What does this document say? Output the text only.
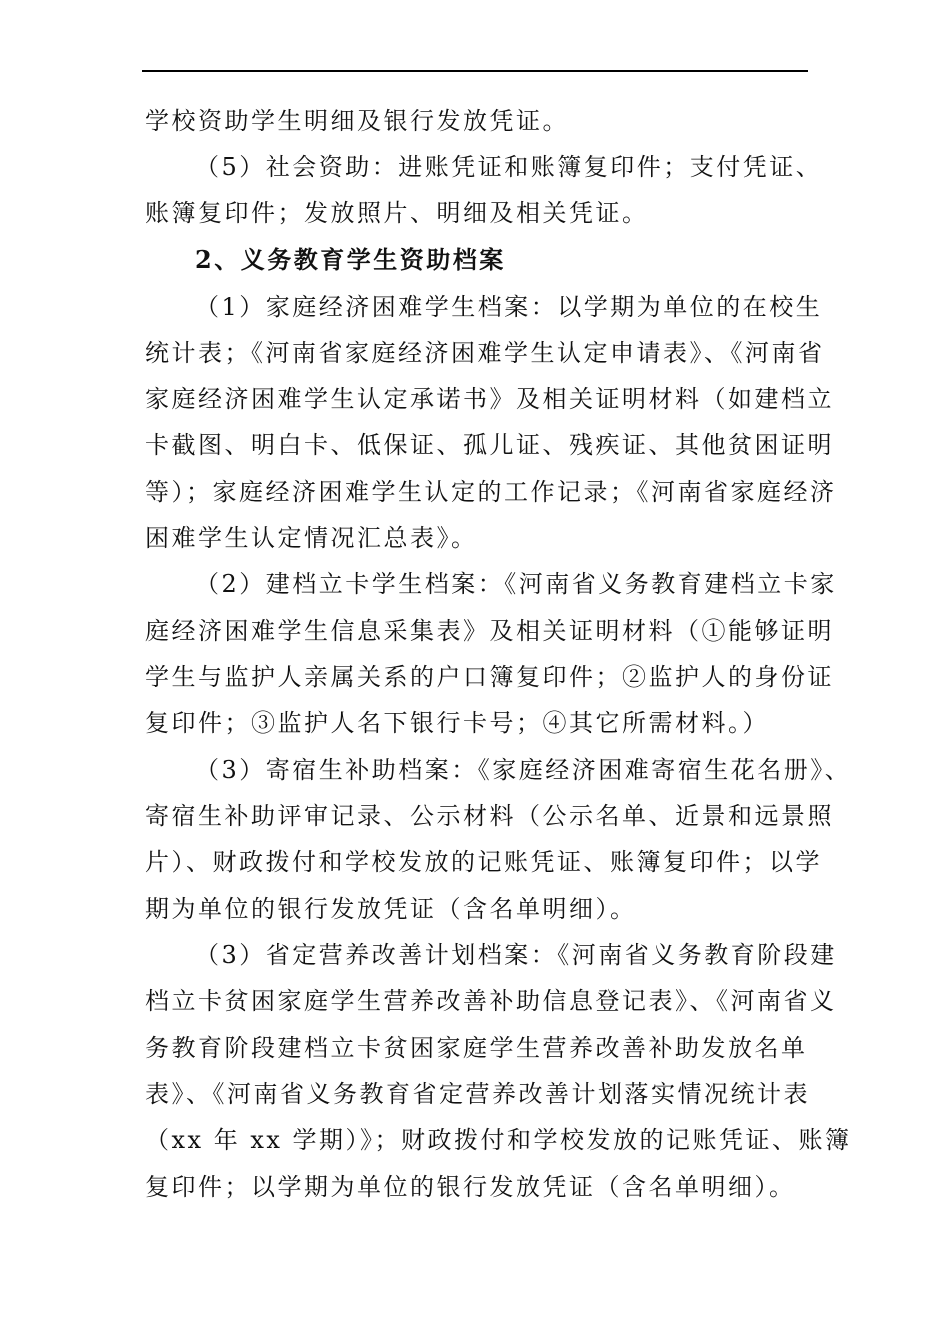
学校资助学生明细及银行发放凭证。
（5）社会资助：进账凭证和账簿复印件；支付凭证、
账簿复印件；发放照片、明细及相关凭证。
2、义务教育学生资助档案
（1）家庭经济困难学生档案：以学期为单位的在校生
统计表；《河南省家庭经济困难学生认定申请表》、《河南省
家庭经济困难学生认定承诺书》及相关证明材料（如建档立
卡截图、明白卡、低保证、孤儿证、残疾证、其他贫困证明
等）；家庭经济困难学生认定的工作记录；《河南省家庭经济
困难学生认定情况汇总表》。
（2）建档立卡学生档案：《河南省义务教育建档立卡家
庭经济困难学生信息采集表》及相关证明材料（①能够证明
学生与监护人亲属关系的户口簿复印件；②监护人的身份证
复印件；③监护人名下银行卡号；④其它所需材料。）
（3）寄宿生补助档案：《家庭经济困难寄宿生花名册》、
寄宿生补助评审记录、公示材料（公示名单、近景和远景照
片）、财政拨付和学校发放的记账凭证、账簿复印件；以学
期为单位的银行发放凭证（含名单明细）。
（3）省定营养改善计划档案：《河南省义务教育阶段建
档立卡贫困家庭学生营养改善补助信息登记表》、《河南省义
务教育阶段建档立卡贫困家庭学生营养改善补助发放名单
表》、《河南省义务教育省定营养改善计划落实情况统计表
（xx 年 xx 学期）》；财政拨付和学校发放的记账凭证、账簿
复印件；以学期为单位的银行发放凭证（含名单明细）。
